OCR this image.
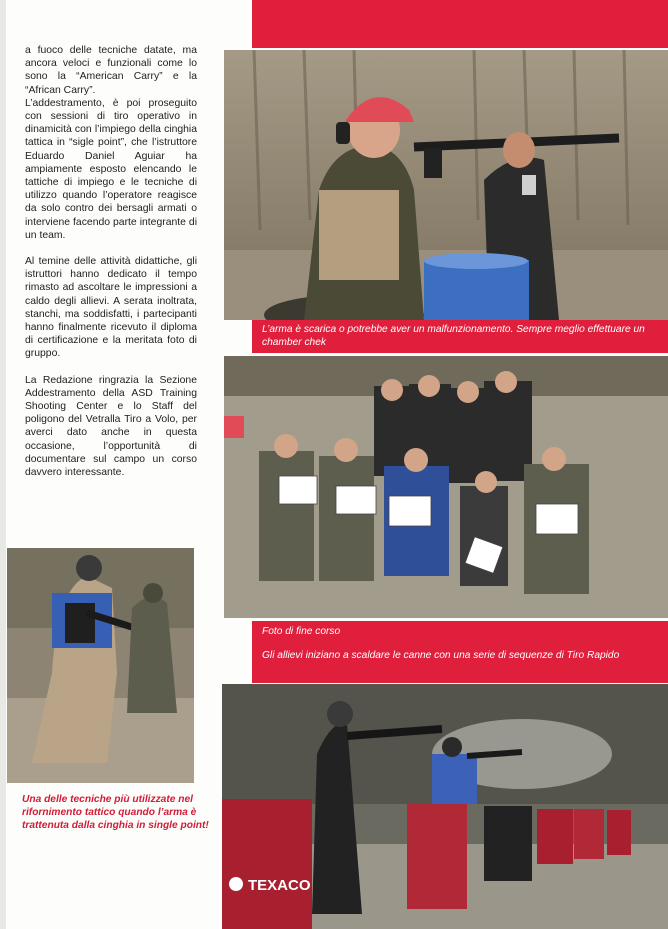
a fuoco delle tecniche datate, ma ancora veloci e funzionali come lo sono la “American Carry” e la “African Carry”.
L’addestramento, è poi proseguito con sessioni di tiro operativo in dinamicità con l’impiego della cinghia tattica in “sigle point”, che l’istruttore Eduardo Daniel Aguiar ha ampiamente esposto elencando le tattiche di impiego e le tecniche di utilizzo quando l’operatore reagisce da solo contro dei bersagli armati o interviene facendo parte integrante di un team.

Al temine delle attività didattiche, gli istruttori hanno dedicato il tempo rimasto ad ascoltare le impressioni a caldo degli allievi. A serata inoltrata, stanchi, ma soddisfatti, i partecipanti hanno finalmente ricevuto il diploma di certificazione e la meritata foto di gruppo.

La Redazione ringrazia la Sezione Addestramento della ASD Training Shooting Center e lo Staff del poligono del Vetralla Tiro a Volo, per averci dato anche in questa occasione, l’opportunità di documentare sul campo un corso davvero interessante.

L’arma è scarica o potrebbe aver un malfunzionamento. Sempre meglio effettuare un chamber chek
Foto di fine corso
Gli allievi iniziano a scaldare le canne con una serie di sequenze di Tiro Rapido
TEXACO
Una delle tecniche più utilizzate nel rifornimento tattico quando l’arma è trattenuta dalla cinghia in single point!
